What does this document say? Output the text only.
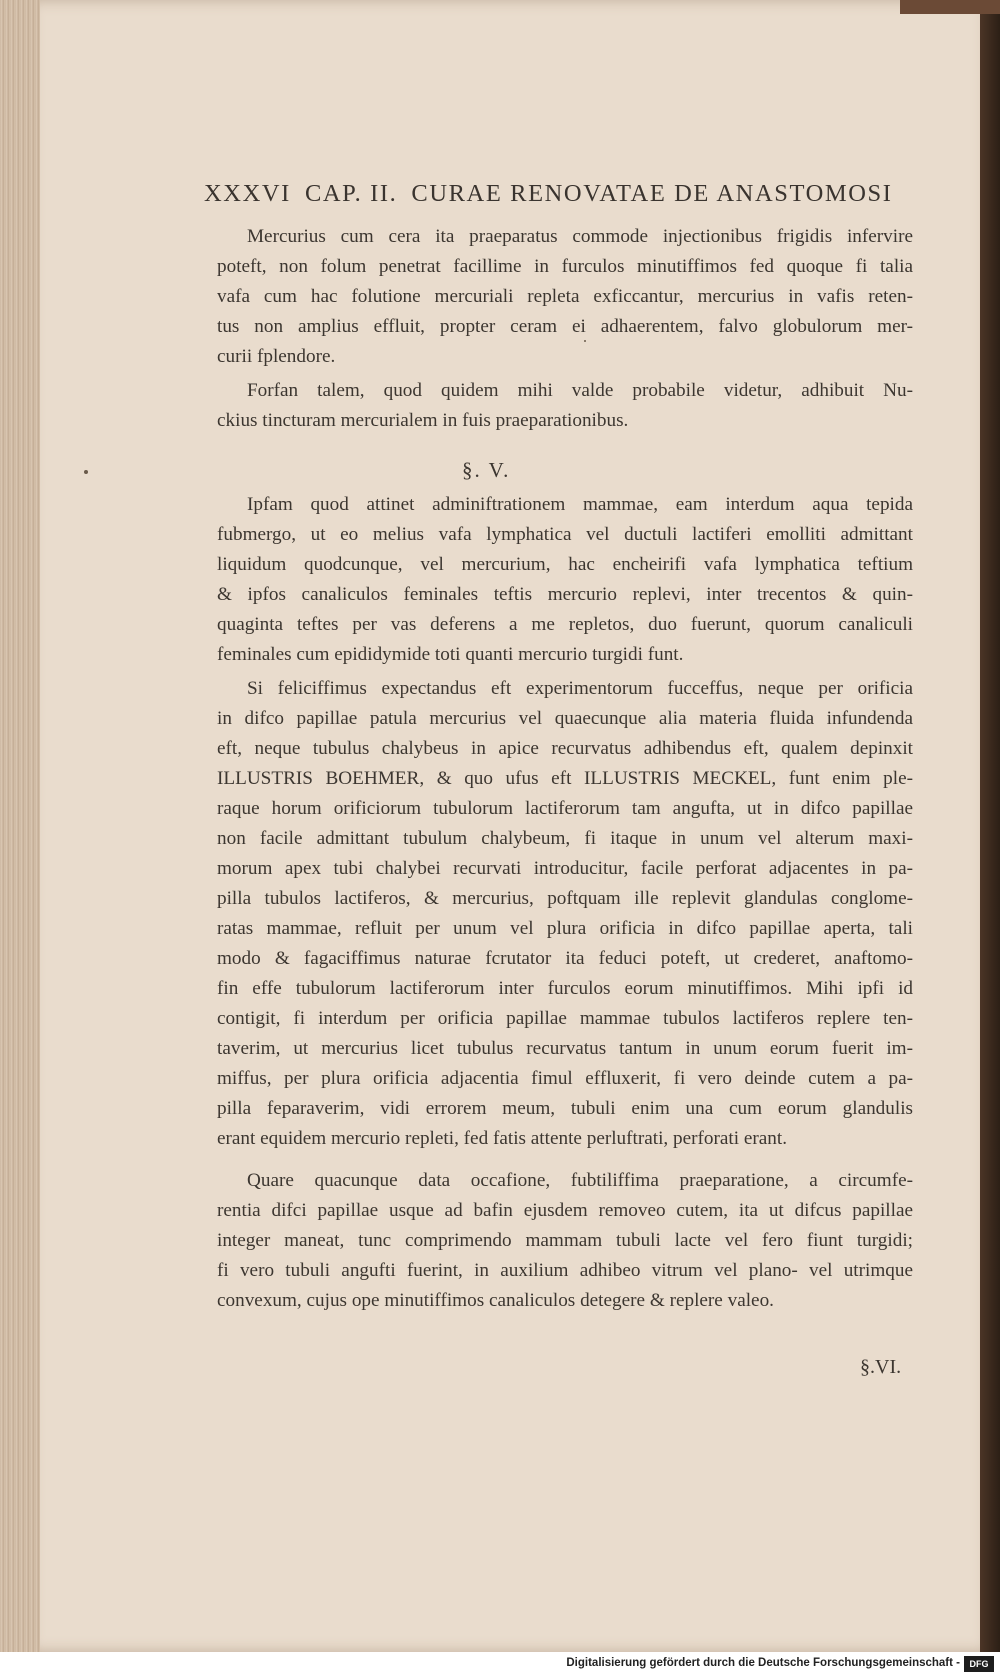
XXXVI CAP. II. CURAE RENOVATAE DE ANASTOMOSI
Mercurius cum cera ita praeparatus commode injectionibus frigidis infervire
poteft, non folum penetrat facillime in furculos minutiffimos fed quoque fi talia
vafa cum hac folutione mercuriali repleta exficcantur, mercurius in vafis reten-
tus non amplius effluit, propter ceram ei adhaerentem, falvo globulorum mer-
curii fplendore.
Forfan talem, quod quidem mihi valde probabile videtur, adhibuit Nu-
ckius tincturam mercurialem in fuis praeparationibus.
Ipfam quod attinet adminiftrationem mammae, eam interdum aqua tepida
fubmergo, ut eo melius vafa lymphatica vel ductuli lactiferi emolliti admittant
liquidum quodcunque, vel mercurium, hac encheirifi vafa lymphatica teftium
& ipfos canaliculos feminales teftis mercurio replevi, inter trecentos & quin-
quaginta teftes per vas deferens a me repletos, duo fuerunt, quorum canaliculi
feminales cum epididymide toti quanti mercurio turgidi funt.
Si feliciffimus expectandus eft experimentorum fucceffus, neque per orificia
in difco papillae patula mercurius vel quaecunque alia materia fluida infundenda
eft, neque tubulus chalybeus in apice recurvatus adhibendus eft, qualem depinxit
ILLUSTRIS BOEHMER, & quo ufus eft ILLUSTRIS MECKEL, funt enim ple-
raque horum orificiorum tubulorum lactiferorum tam angufta, ut in difco papillae
non facile admittant tubulum chalybeum, fi itaque in unum vel alterum maxi-
morum apex tubi chalybei recurvati introducitur, facile perforat adjacentes in pa-
pilla tubulos lactiferos, & mercurius, poftquam ille replevit glandulas conglome-
ratas mammae, refluit per unum vel plura orificia in difco papillae aperta, tali
modo & fagaciffimus naturae fcrutator ita feduci poteft, ut crederet, anaftomo-
fin effe tubulorum lactiferorum inter furculos eorum minutiffimos. Mihi ipfi id
contigit, fi interdum per orificia papillae mammae tubulos lactiferos replere ten-
taverim, ut mercurius licet tubulus recurvatus tantum in unum eorum fuerit im-
miffus, per plura orificia adjacentia fimul effluxerit, fi vero deinde cutem a pa-
pilla feparaverim, vidi errorem meum, tubuli enim una cum eorum glandulis
erant equidem mercurio repleti, fed fatis attente perluftrati, perforati erant.
Quare quacunque data occafione, fubtiliffima praeparatione, a circumfe-
rentia difci papillae usque ad bafin ejusdem removeo cutem, ita ut difcus papillae
integer maneat, tunc comprimendo mammam tubuli lacte vel fero fiunt turgidi;
fi vero tubuli angufti fuerint, in auxilium adhibeo vitrum vel plano- vel utrimque
convexum, cujus ope minutiffimos canaliculos detegere & replere valeo.
§. V.
§.VI.
Digitalisierung gefördert durch die Deutsche Forschungsgemeinschaft -	DFG
